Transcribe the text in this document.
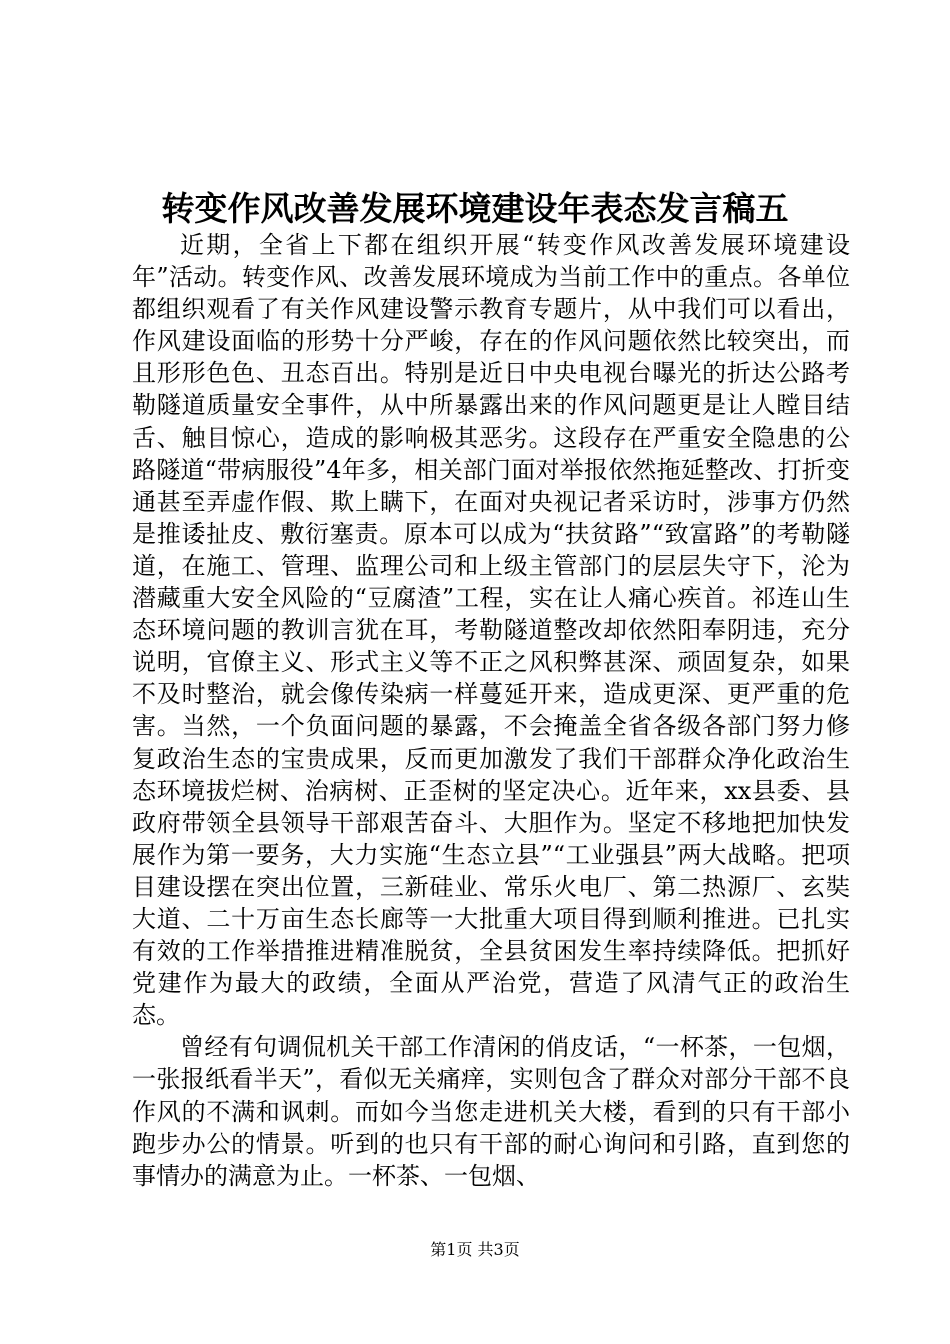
转变作风改善发展环境建设年表态发言稿五

近期，全省上下都在组织开展“转变作风改善发展环境建设年”活动。转变作风、改善发展环境成为当前工作中的重点。各单位都组织观看了有关作风建设警示教育专题片，从中我们可以看出，作风建设面临的形势十分严峻，存在的作风问题依然比较突出，而且形形色色、丑态百出。特别是近日中央电视台曝光的折达公路考勒隧道质量安全事件，从中所暴露出来的作风问题更是让人瞠目结舌、触目惊心，造成的影响极其恶劣。这段存在严重安全隐患的公路隧道“带病服役”4年多，相关部门面对举报依然拖延整改、打折变通甚至弄虚作假、欺上瞒下，在面对央视记者采访时，涉事方仍然是推诿扯皮、敷衍塞责。原本可以成为“扶贫路”“致富路”的考勒隧道，在施工、管理、监理公司和上级主管部门的层层失守下，沦为潜藏重大安全风险的“豆腐渣”工程，实在让人痛心疾首。祁连山生态环境问题的教训言犹在耳，考勒隧道整改却依然阳奉阴违，充分说明，官僚主义、形式主义等不正之风积弊甚深、顽固复杂，如果不及时整治，就会像传染病一样蔓延开来，造成更深、更严重的危害。当然，一个负面问题的暴露，不会掩盖全省各级各部门努力修复政治生态的宝贵成果，反而更加激发了我们干部群众净化政治生态环境拔烂树、治病树、正歪树的坚定决心。近年来，xx县委、县政府带领全县领导干部艰苦奋斗、大胆作为。坚定不移地把加快发展作为第一要务，大力实施“生态立县”“工业强县”两大战略。把项目建设摆在突出位置，三新硅业、常乐火电厂、第二热源厂、玄奘大道、二十万亩生态长廊等一大批重大项目得到顺利推进。已扎实有效的工作举措推进精准脱贫，全县贫困发生率持续降低。把抓好党建作为最大的政绩，全面从严治党，营造了风清气正的政治生态。

曾经有句调侃机关干部工作清闲的俏皮话，“一杯茶，一包烟，一张报纸看半天”，看似无关痛痒，实则包含了群众对部分干部不良作风的不满和讽刺。而如今当您走进机关大楼，看到的只有干部小跑步办公的情景。听到的也只有干部的耐心询问和引路，直到您的事情办的满意为止。一杯茶、一包烟、

第1页 共3页
